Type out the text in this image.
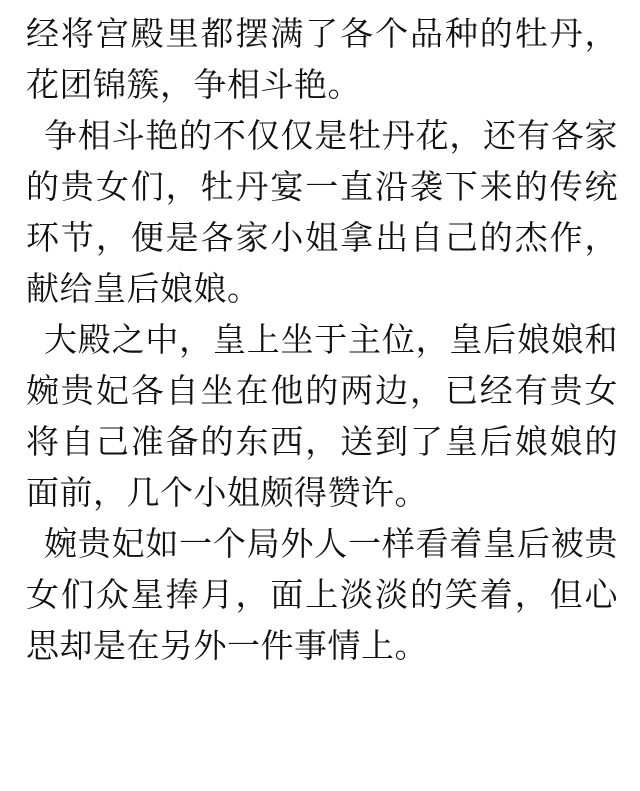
经将宫殿里都摆满了各个品种的牡丹，花团锦簇，争相斗艳。

争相斗艳的不仅仅是牡丹花，还有各家的贵女们，牡丹宴一直沿袭下来的传统环节，便是各家小姐拿出自己的杰作，献给皇后娘娘。

大殿之中，皇上坐于主位，皇后娘娘和婉贵妃各自坐在他的两边，已经有贵女将自己准备的东西，送到了皇后娘娘的面前，几个小姐颇得赞许。

婉贵妃如一个局外人一样看着皇后被贵女们众星捧月，面上淡淡的笑着，但心思却是在另外一件事情上。
